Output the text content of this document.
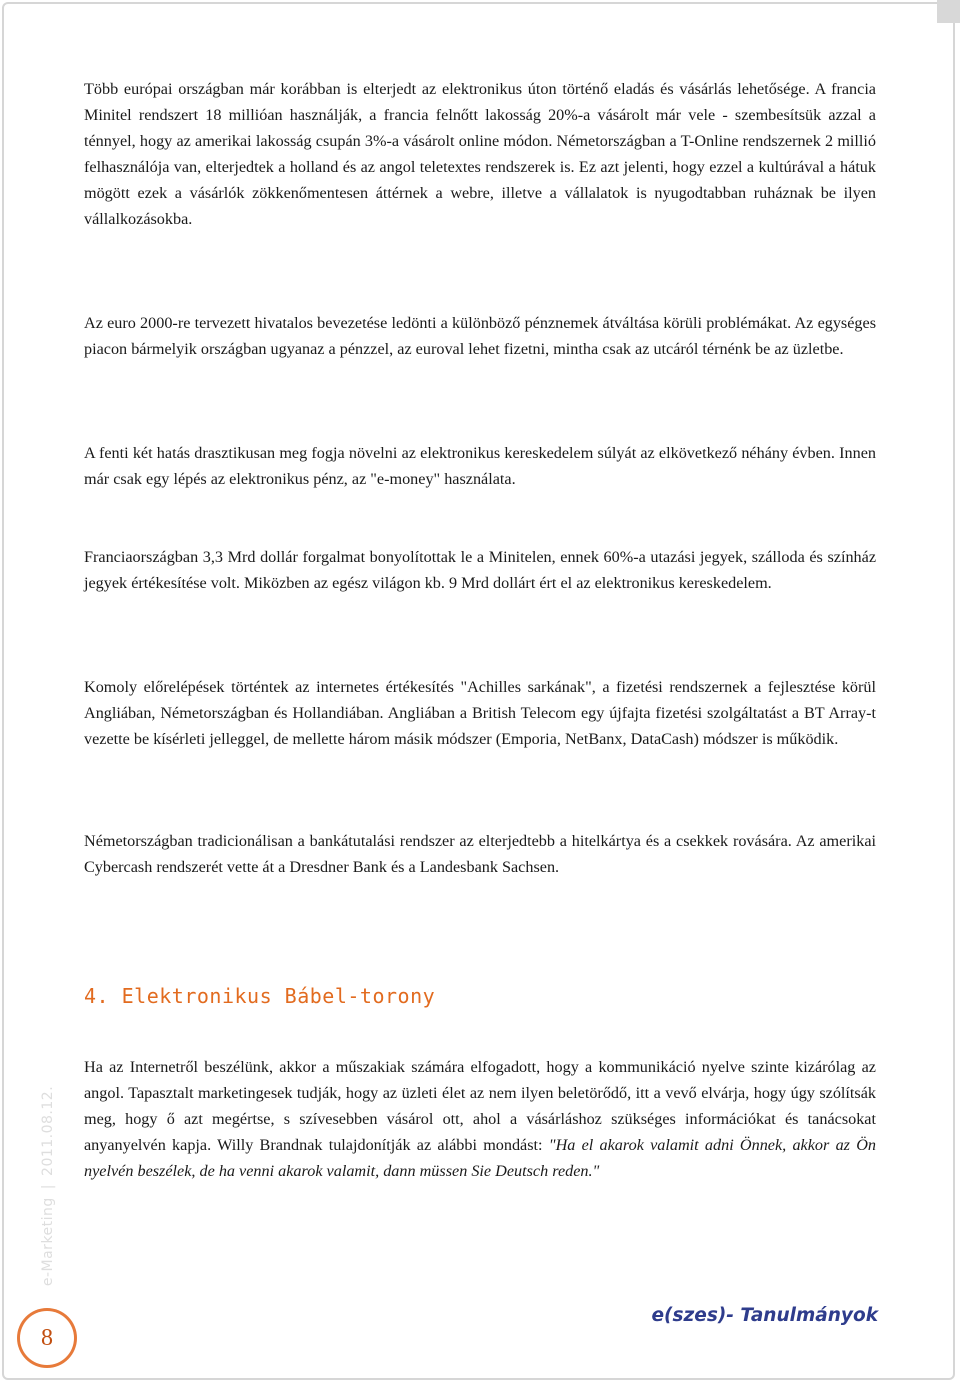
Több európai országban már korábban is elterjedt az elektronikus úton történő eladás és vásárlás lehetősége. A francia Minitel rendszert 18 millióan használják, a francia felnőtt lakosság 20%-a vásárolt már vele - szembesítsük azzal a ténnyel, hogy az amerikai lakosság csupán 3%-a vásárolt online módon. Németországban a T-Online rendszernek 2 millió felhasználója van, elterjedtek a holland és az angol teletextes rendszerek is. Ez azt jelenti, hogy ezzel a kultúrával a hátuk mögött ezek a vásárlók zökkenőmentesen áttérnek a webre, illetve a vállalatok is nyugodtabban ruháznak be ilyen vállalkozásokba.

Az euro 2000-re tervezett hivatalos bevezetése ledönti a különböző pénznemek átváltása körüli problémákat. Az egységes piacon bármelyik országban ugyanaz a pénzzel, az euroval lehet fizetni, mintha csak az utcáról térnénk be az üzletbe.

A fenti két hatás drasztikusan meg fogja növelni az elektronikus kereskedelem súlyát az elkövetkező néhány évben. Innen már csak egy lépés az elektronikus pénz, az "e-money" használata.

Franciaországban 3,3 Mrd dollár forgalmat bonyolítottak le a Minitelen, ennek 60%-a utazási jegyek, szálloda és színház jegyek értékesítése volt. Miközben az egész világon kb. 9 Mrd dollárt ért el az elektronikus kereskedelem.

Komoly előrelépések történtek az internetes értékesítés "Achilles sarkának", a fizetési rendszernek a fejlesztése körül Angliában, Németországban és Hollandiában. Angliában a British Telecom egy újfajta fizetési szolgáltatást a BT Array-t vezette be kísérleti jelleggel, de mellette három másik módszer (Emporia, NetBanx, DataCash) módszer is működik.

Németországban tradicionálisan a bankátutalási rendszer az elterjedtebb a hitelkártya és a csekkek rovására. Az amerikai Cybercash rendszerét vette át a Dresdner Bank és a Landesbank Sachsen.

4. Elektronikus Bábel-torony

Ha az Internetről beszélünk, akkor a műszakiak számára elfogadott, hogy a kommunikáció nyelve szinte kizárólag az angol. Tapasztalt marketingesek tudják, hogy az üzleti élet az nem ilyen beletörődő, itt a vevő elvárja, hogy úgy szólítsák meg, hogy ő azt megértse, s szívesebben vásárol ott, ahol a vásárláshoz szükséges információkat és tanácsokat anyanyelvén kapja. Willy Brandnak tulajdonítják az alábbi mondást: "Ha el akarok valamit adni Önnek, akkor az Ön nyelvén beszélek, de ha venni akarok valamit, dann müssen Sie Deutsch reden."

e-Marketing|2011.08.12.
e(szes)- Tanulmányok
8
